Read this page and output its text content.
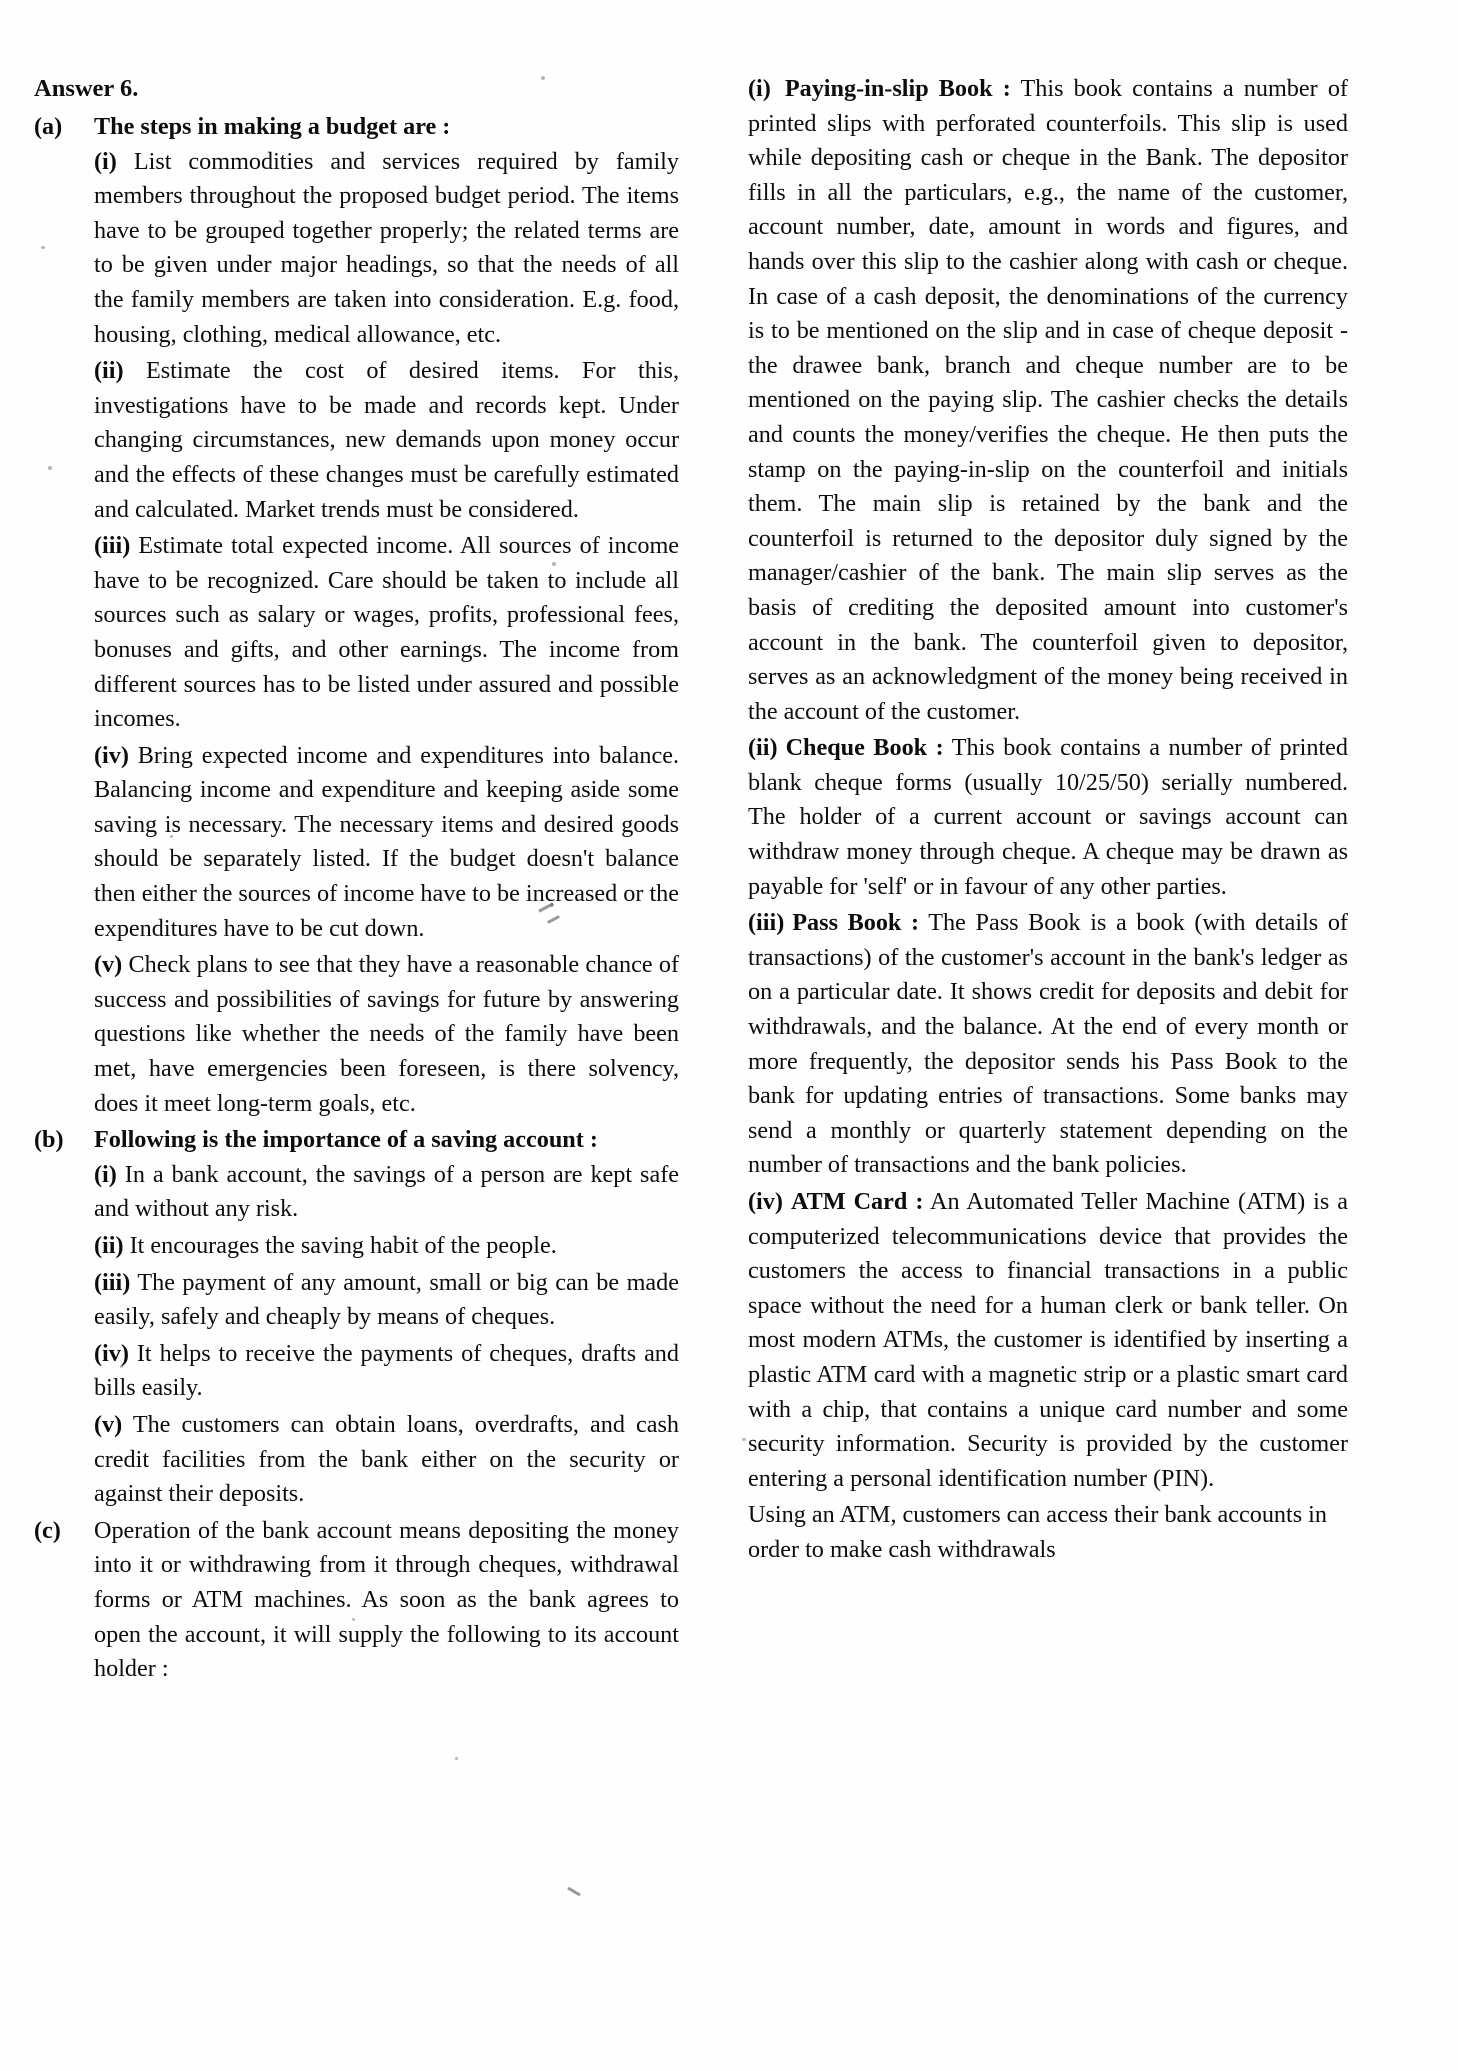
Answer 6.
(a)	The steps in making a budget are :
(i) List commodities and services required by family members throughout the proposed budget period. The items have to be grouped together properly; the related terms are to be given under major headings, so that the needs of all the family members are taken into consideration. E.g. food, housing, clothing, medical allowance, etc.
(ii) Estimate the cost of desired items. For this, investigations have to be made and records kept. Under changing circumstances, new demands upon money occur and the effects of these changes must be carefully estimated and calculated. Market trends must be considered.
(iii) Estimate total expected income. All sources of income have to be recognized. Care should be taken to include all sources such as salary or wages, profits, professional fees, bonuses and gifts, and other earnings. The income from different sources has to be listed under assured and possible incomes.
(iv) Bring expected income and expenditures into balance. Balancing income and expenditure and keeping aside some saving is necessary. The necessary items and desired goods should be separately listed. If the budget doesn't balance then either the sources of income have to be increased or the expenditures have to be cut down.
(v) Check plans to see that they have a reasonable chance of success and possibilities of savings for future by answering questions like whether the needs of the family have been met, have emergencies been foreseen, is there solvency, does it meet long-term goals, etc.
(b)	Following is the importance of a saving account :
(i) In a bank account, the savings of a person are kept safe and without any risk.
(ii) It encourages the saving habit of the people.
(iii) The payment of any amount, small or big can be made easily, safely and cheaply by means of cheques.
(iv) It helps to receive the payments of cheques, drafts and bills easily.
(v) The customers can obtain loans, overdrafts, and cash credit facilities from the bank either on the security or against their deposits.
(c)	Operation of the bank account means depositing the money into it or withdrawing from it through cheques, withdrawal forms or ATM machines. As soon as the bank agrees to open the account, it will supply the following to its account holder :
(i) Paying-in-slip Book : This book contains a number of printed slips with perforated counterfoils. This slip is used while depositing cash or cheque in the Bank. The depositor fills in all the particulars, e.g., the name of the customer, account number, date, amount in words and figures, and hands over this slip to the cashier along with cash or cheque. In case of a cash deposit, the denominations of the currency is to be mentioned on the slip and in case of cheque deposit - the drawee bank, branch and cheque number are to be mentioned on the paying slip. The cashier checks the details and counts the money/verifies the cheque. He then puts the stamp on the paying-in-slip on the counterfoil and initials them. The main slip is retained by the bank and the counterfoil is returned to the depositor duly signed by the manager/cashier of the bank. The main slip serves as the basis of crediting the deposited amount into customer's account in the bank. The counterfoil given to depositor, serves as an acknowledgment of the money being received in the account of the customer.
(ii) Cheque Book : This book contains a number of printed blank cheque forms (usually 10/25/50) serially numbered. The holder of a current account or savings account can withdraw money through cheque. A cheque may be drawn as payable for 'self' or in favour of any other parties.
(iii) Pass Book : The Pass Book is a book (with details of transactions) of the customer's account in the bank's ledger as on a particular date. It shows credit for deposits and debit for withdrawals, and the balance. At the end of every month or more frequently, the depositor sends his Pass Book to the bank for updating entries of transactions. Some banks may send a monthly or quarterly statement depending on the number of transactions and the bank policies.
(iv) ATM Card : An Automated Teller Machine (ATM) is a computerized telecommunications device that provides the customers the access to financial transactions in a public space without the need for a human clerk or bank teller. On most modern ATMs, the customer is identified by inserting a plastic ATM card with a magnetic strip or a plastic smart card with a chip, that contains a unique card number and some security information. Security is provided by the customer entering a personal identification number (PIN).
Using an ATM, customers can access their bank accounts in order to make cash withdrawals
